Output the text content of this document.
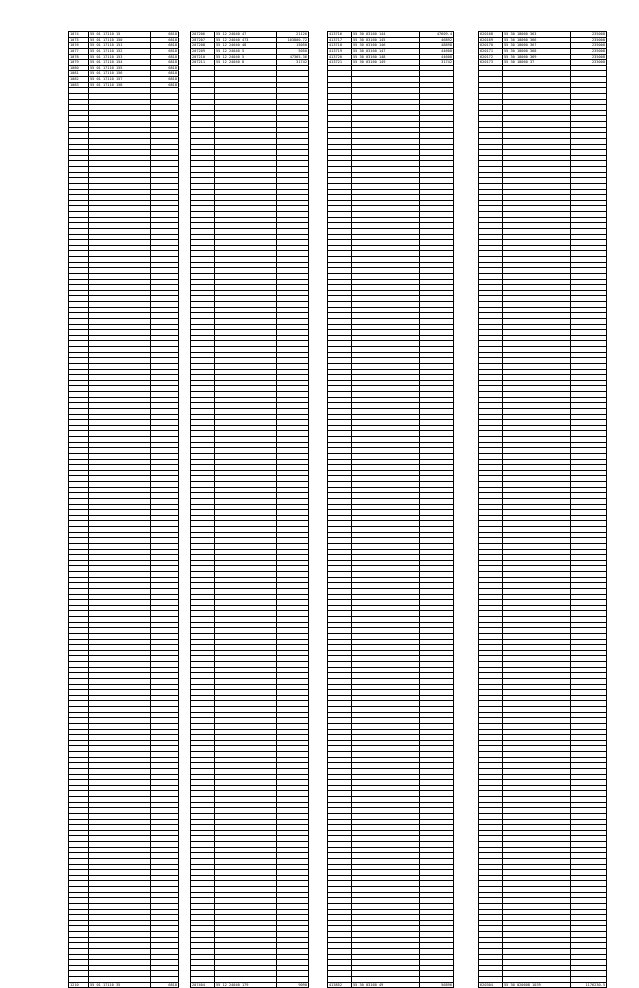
1074	55 01 17110 15	6818
1075	55 01 17110 150	6818
1076	55 01 17110 151	6818
1077	55 01 17110 152	6818
1078	55 01 17110 153	6818
1079	55 01 17110 154	6818
1080	55 01 17110 155	6818
1081	55 01 17110 156	6818
1082	55 01 17110 157	6818
1083	55 01 17110 158	6818

1210	55 01 17110 35	6818
207206	55 12 24040 47	21126
207207	55 12 24040 473	103800.72
207208	55 12 24040 48	15050
207209	55 12 24040 5	5050
207210	55 12 24040 5	47365.36
207211	55 12 24040 8	31742

207404	55 12 24040 179	9090
413716	55 30 03160 144	47609.4
413717	55 30 03160 145	46892
413718	55 30 03160 146	48898
413719	55 30 03160 147	44608
413720	55 30 03160 148	44608
413721	55 30 03160 149	31742

413852	55 30 03160 49	56896
620168	55 30 18060 363	235008
620169	55 30 18060 366	235008
620170	55 30 18060 367	235008
620171	55 30 18060 368	235008
620172	55 30 18060 369	235008
620173	55 30 18060 37	233008

620304	55 30 020608 1039	1176230.5
